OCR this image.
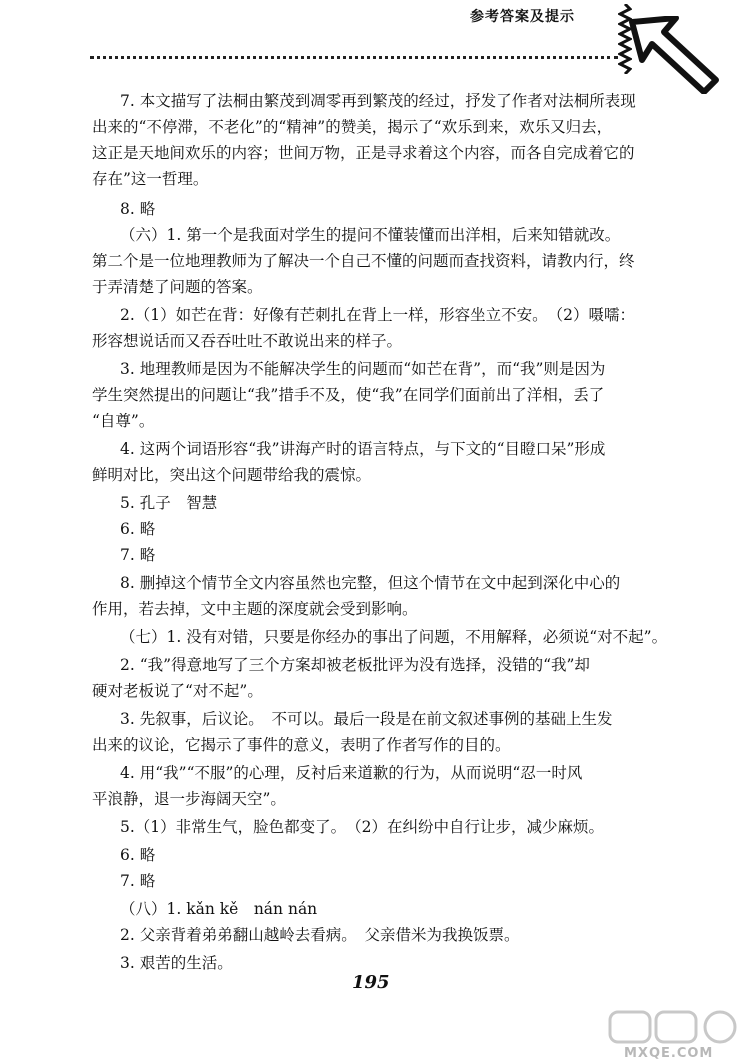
参考答案及提示
7. 本文描写了法桐由繁茂到凋零再到繁茂的经过，抒发了作者对法桐所表现
出来的“不停滞，不老化”的“精神”的赞美，揭示了“欢乐到来，欢乐又归去，
这正是天地间欢乐的内容；世间万物，正是寻求着这个内容，而各自完成着它的
存在”这一哲理。
8. 略
（六）1. 第一个是我面对学生的提问不懂装懂而出洋相，后来知错就改。
第二个是一位地理教师为了解决一个自己不懂的问题而查找资料，请教内行，终
于弄清楚了问题的答案。
2.（1）如芒在背：好像有芒刺扎在背上一样，形容坐立不安。　（2）嗫嚅：
形容想说话而又吞吞吐吐不敢说出来的样子。
3. 地理教师是因为不能解决学生的问题而“如芒在背”，而“我”则是因为
学生突然提出的问题让“我”措手不及，使“我”在同学们面前出了洋相，丢了
“自尊”。
4. 这两个词语形容“我”讲海产时的语言特点，与下文的“目瞪口呆”形成
鲜明对比，突出这个问题带给我的震惊。
5. 孔子　智慧
6. 略
7. 略
8. 删掉这个情节全文内容虽然也完整，但这个情节在文中起到深化中心的
作用，若去掉，文中主题的深度就会受到影响。
（七）1. 没有对错，只要是你经办的事出了问题，不用解释，必须说“对不起”。
2. “我”得意地写了三个方案却被老板批评为没有选择，没错的“我”却
硬对老板说了“对不起”。
3. 先叙事，后议论。　不可以。最后一段是在前文叙述事例的基础上生发
出来的议论，它揭示了事件的意义，表明了作者写作的目的。
4. 用“我”“不服”的心理，反衬后来道歉的行为，从而说明“忍一时风
平浪静，退一步海阔天空”。
5.（1）非常生气，脸色都变了。　（2）在纠纷中自行让步，减少麻烦。
6. 略
7. 略
（八）1. kǎn kě　nán nán
2. 父亲背着弟弟翻山越岭去看病。　父亲借米为我换饭票。
3. 艰苦的生活。
195
MXQE.COM
